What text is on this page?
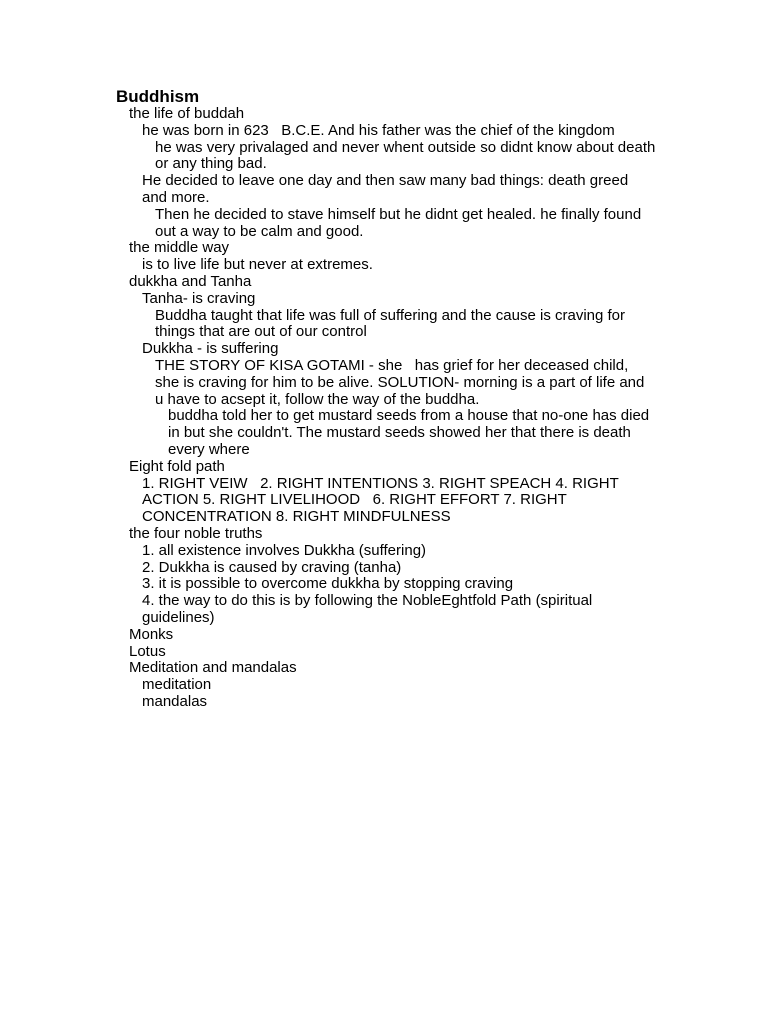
Buddhism
the life of buddah
he was born in 623   B.C.E. And his father was the chief of the kingdom
he was very privalaged and never whent outside so didnt know about death or any thing bad.
He decided to leave one day and then saw many bad things: death greed and more.
Then he decided to stave himself but he didnt get healed. he finally found out a way to be calm and good.
the middle way
is to live life but never at extremes.
dukkha and Tanha
Tanha- is craving
Buddha taught that life was full of suffering and the cause is craving for things that are out of our control
Dukkha - is suffering
THE STORY OF KISA GOTAMI - she   has grief for her deceased child, she is craving for him to be alive. SOLUTION- morning is a part of life and u have to acsept it, follow the way of the buddha.
buddha told her to get mustard seeds from a house that no-one has died in but she couldn't. The mustard seeds showed her that there is death every where
Eight fold path
1. RIGHT VEIW   2. RIGHT INTENTIONS 3. RIGHT SPEACH 4. RIGHT ACTION 5. RIGHT LIVELIHOOD   6. RIGHT EFFORT 7. RIGHT CONCENTRATION 8. RIGHT MINDFULNESS
the four noble truths
1. all existence involves Dukkha (suffering)
2. Dukkha is caused by craving (tanha)
3. it is possible to overcome dukkha by stopping craving
4. the way to do this is by following the NobleEghtfold Path (spiritual guidelines)
Monks
Lotus
Meditation and mandalas
meditation
mandalas
